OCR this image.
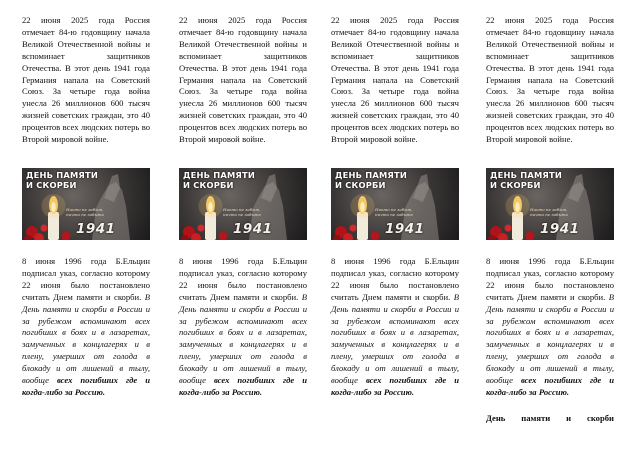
22 июня 2025 года Россия отмечает 84-ю годовщину начала Великой Отечественной войны и вспоминает защитников Отечества. В этот день 1941 года Германия напала на Советский Союз. За четыре года война унесла 26 миллионов 600 тысяч жизней советских граждан, это 40 процентов всех людских потерь во Второй мировой войне.

ДЕНЬ ПАМЯТИ
И СКОРБИ
Никто не забыт,
ничто не забыто
1941

8 июня 1996 года Б.Ельцин подписал указ, согласно которому 22 июня было постановлено считать Днем памяти и скорби. В День памяти и скорби в России и за рубежом вспоминают всех погибших в боях и в лазаретах, замученных в концлагерях и в плену, умерших от голода в блокаду и от лишений в тылу, вообще всех погибших где и когда-либо за Россию.

22 июня 2025 года Россия отмечает 84-ю годовщину начала Великой Отечественной войны и вспоминает защитников Отечества. В этот день 1941 года Германия напала на Советский Союз. За четыре года война унесла 26 миллионов 600 тысяч жизней советских граждан, это 40 процентов всех людских потерь во Второй мировой войне.

ДЕНЬ ПАМЯТИ
И СКОРБИ
Никто не забыт,
ничто не забыто
1941

8 июня 1996 года Б.Ельцин подписал указ, согласно которому 22 июня было постановлено считать Днем памяти и скорби. В День памяти и скорби в России и за рубежом вспоминают всех погибших в боях и в лазаретах, замученных в концлагерях и в плену, умерших от голода в блокаду и от лишений в тылу, вообще всех погибших где и когда-либо за Россию.

22 июня 2025 года Россия отмечает 84-ю годовщину начала Великой Отечественной войны и вспоминает защитников Отечества. В этот день 1941 года Германия напала на Советский Союз. За четыре года война унесла 26 миллионов 600 тысяч жизней советских граждан, это 40 процентов всех людских потерь во Второй мировой войне.

ДЕНЬ ПАМЯТИ
И СКОРБИ
Никто не забыт,
ничто не забыто
1941

8 июня 1996 года Б.Ельцин подписал указ, согласно которому 22 июня было постановлено считать Днем памяти и скорби. В День памяти и скорби в России и за рубежом вспоминают всех погибших в боях и в лазаретах, замученных в концлагерях и в плену, умерших от голода в блокаду и от лишений в тылу, вообще всех погибших где и когда-либо за Россию.

22 июня 2025 года Россия отмечает 84-ю годовщину начала Великой Отечественной войны и вспоминает защитников Отечества. В этот день 1941 года Германия напала на Советский Союз. За четыре года война унесла 26 миллионов 600 тысяч жизней советских граждан, это 40 процентов всех людских потерь во Второй мировой войне.

ДЕНЬ ПАМЯТИ
И СКОРБИ
Никто не забыт,
ничто не забыто
1941

8 июня 1996 года Б.Ельцин подписал указ, согласно которому 22 июня было постановлено считать Днем памяти и скорби. В День памяти и скорби в России и за рубежом вспоминают всех погибших в боях и в лазаретах, замученных в концлагерях и в плену, умерших от голода в блокаду и от лишений в тылу, вообще всех погибших где и когда-либо за Россию.

День памяти и скорби
